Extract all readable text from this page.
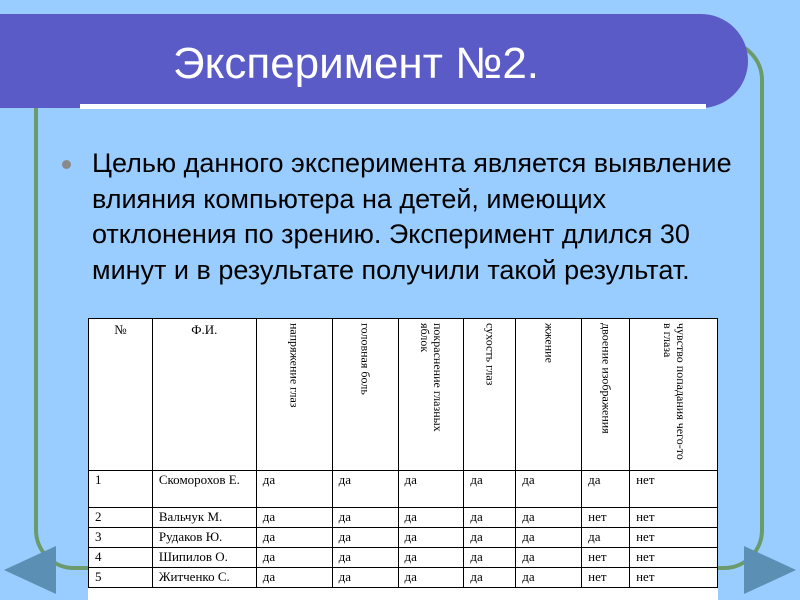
Эксперимент №2.
Целью данного эксперимента является выявление влияния компьютера на детей, имеющих отклонения по зрению. Эксперимент длился 30 минут и в результате получили такой результат.
№	Ф.И.	напряжение глаз	головная боль	покраснение глазных яблок	сухость глаз	жжение	двоение изображения	чувство попадания чего-то в глаза

1	Скоморохов Е.	да	да	да	да	да	да	нет
2	Вальчук М.	да	да	да	да	да	нет	нет
3	Рудаков Ю.	да	да	да	да	да	да	нет
4	Шипилов О.	да	да	да	да	да	нет	нет
5	Житченко С.	да	да	да	да	да	нет	нет
